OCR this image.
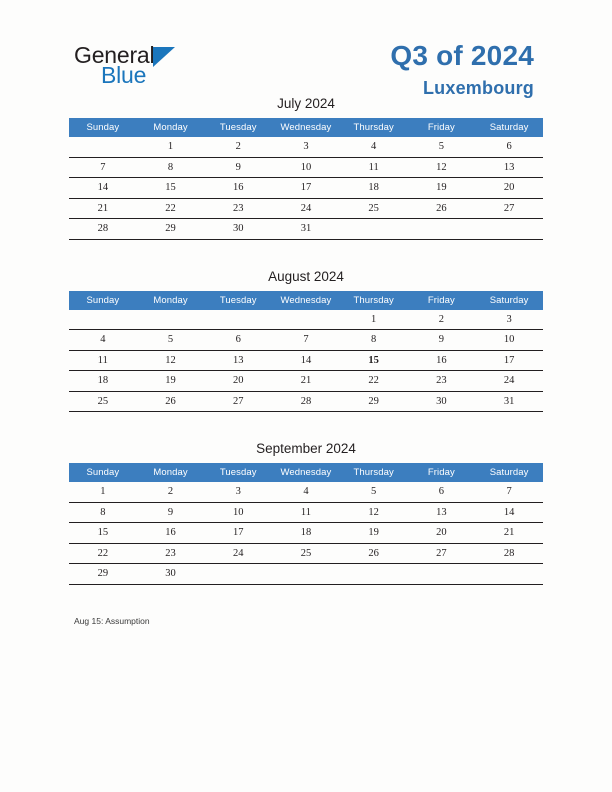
General
Blue
Q3 of 2024
Luxembourg
July 2024
Sunday	Monday	Tuesday	Wednesday	Thursday	Friday	Saturday
	1	2	3	4	5	6
7	8	9	10	11	12	13
14	15	16	17	18	19	20
21	22	23	24	25	26	27
28	29	30	31			
August 2024
Sunday	Monday	Tuesday	Wednesday	Thursday	Friday	Saturday
				1	2	3
4	5	6	7	8	9	10
11	12	13	14	15	16	17
18	19	20	21	22	23	24
25	26	27	28	29	30	31
September 2024
Sunday	Monday	Tuesday	Wednesday	Thursday	Friday	Saturday
1	2	3	4	5	6	7
8	9	10	11	12	13	14
15	16	17	18	19	20	21
22	23	24	25	26	27	28
29	30					
Aug 15: Assumption
